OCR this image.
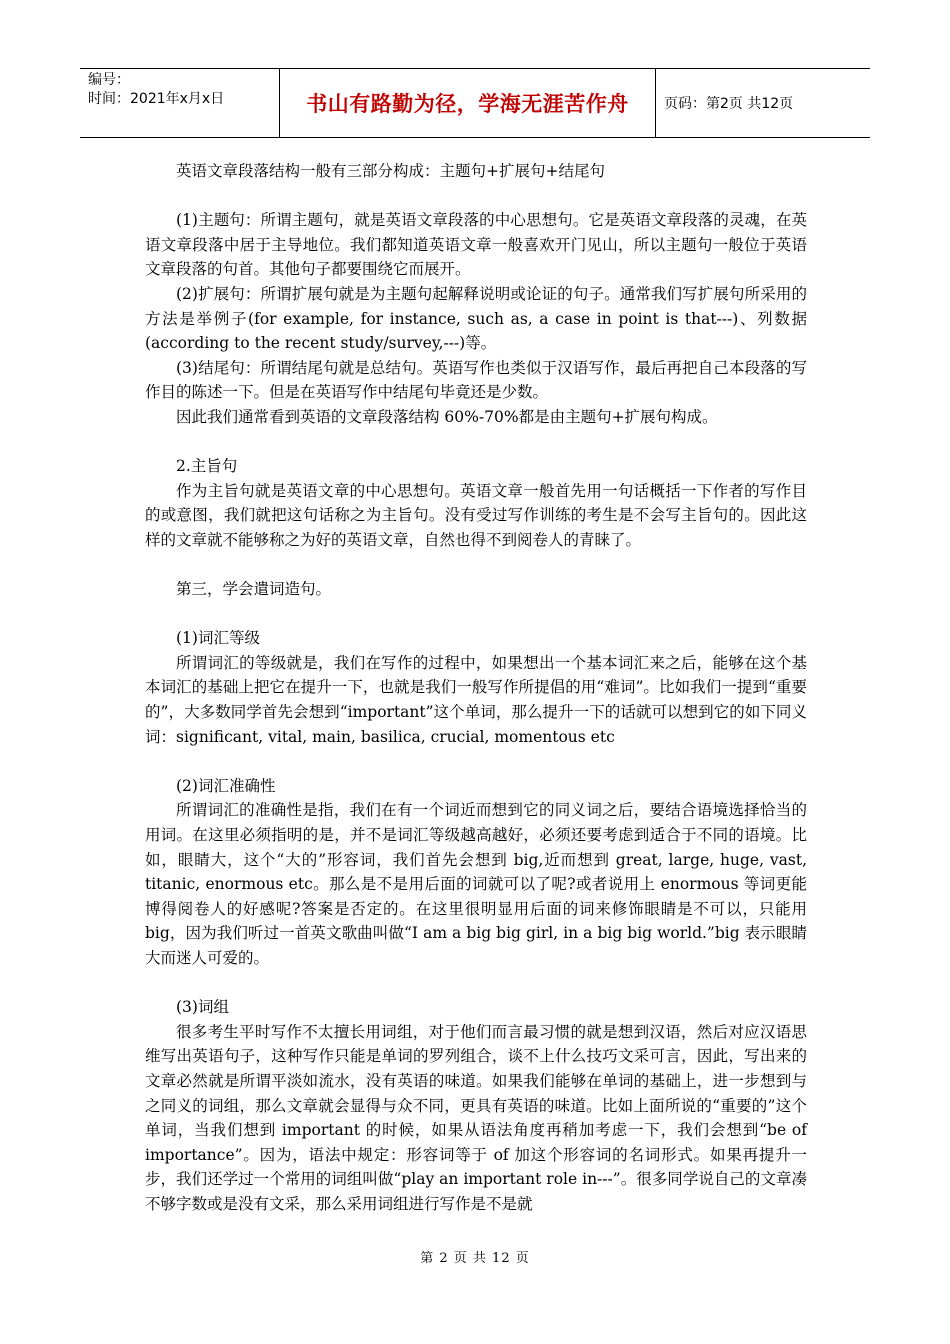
编号：
时间：2021年x月x日	书山有路勤为径，学海无涯苦作舟	页码：第2页 共12页

英语文章段落结构一般有三部分构成：主题句+扩展句+结尾句

(1)主题句：所谓主题句，就是英语文章段落的中心思想句。它是英语文章段落的灵魂，在英语文章段落中居于主导地位。我们都知道英语文章一般喜欢开门见山，所以主题句一般位于英语文章段落的句首。其他句子都要围绕它而展开。

(2)扩展句：所谓扩展句就是为主题句起解释说明或论证的句子。通常我们写扩展句所采用的方法是举例子(for example, for instance, such as, a case in point is that---)、列数据(according to the recent study/survey,---)等。

(3)结尾句：所谓结尾句就是总结句。英语写作也类似于汉语写作，最后再把自己本段落的写作目的陈述一下。但是在英语写作中结尾句毕竟还是少数。

因此我们通常看到英语的文章段落结构 60%-70%都是由主题句+扩展句构成。

2.主旨句

作为主旨句就是英语文章的中心思想句。英语文章一般首先用一句话概括一下作者的写作目的或意图，我们就把这句话称之为主旨句。没有受过写作训练的考生是不会写主旨句的。因此这样的文章就不能够称之为好的英语文章，自然也得不到阅卷人的青睐了。

第三，学会遣词造句。

(1)词汇等级

所谓词汇的等级就是，我们在写作的过程中，如果想出一个基本词汇来之后，能够在这个基本词汇的基础上把它在提升一下，也就是我们一般写作所提倡的用“难词”。比如我们一提到“重要的”，大多数同学首先会想到“important”这个单词，那么提升一下的话就可以想到它的如下同义词：significant, vital, main, basilica, crucial, momentous etc

(2)词汇准确性

所谓词汇的准确性是指，我们在有一个词近而想到它的同义词之后，要结合语境选择恰当的用词。在这里必须指明的是，并不是词汇等级越高越好，必须还要考虑到适合于不同的语境。比如，眼睛大，这个“大的”形容词，我们首先会想到 big,近而想到 great, large, huge, vast, titanic, enormous etc。那么是不是用后面的词就可以了呢?或者说用上 enormous 等词更能博得阅卷人的好感呢?答案是否定的。在这里很明显用后面的词来修饰眼睛是不可以，只能用 big，因为我们听过一首英文歌曲叫做“I am a big big girl, in a big big world.”big 表示眼睛大而迷人可爱的。

(3)词组

很多考生平时写作不太擅长用词组，对于他们而言最习惯的就是想到汉语，然后对应汉语思维写出英语句子，这种写作只能是单词的罗列组合，谈不上什么技巧文采可言，因此，写出来的文章必然就是所谓平淡如流水，没有英语的味道。如果我们能够在单词的基础上，进一步想到与之同义的词组，那么文章就会显得与众不同，更具有英语的味道。比如上面所说的“重要的”这个单词，当我们想到 important 的时候，如果从语法角度再稍加考虑一下，我们会想到“be of importance”。因为，语法中规定：形容词等于 of 加这个形容词的名词形式。如果再提升一步，我们还学过一个常用的词组叫做“play an important role in---”。很多同学说自己的文章凑不够字数或是没有文采，那么采用词组进行写作是不是就

第 2 页 共 12 页
